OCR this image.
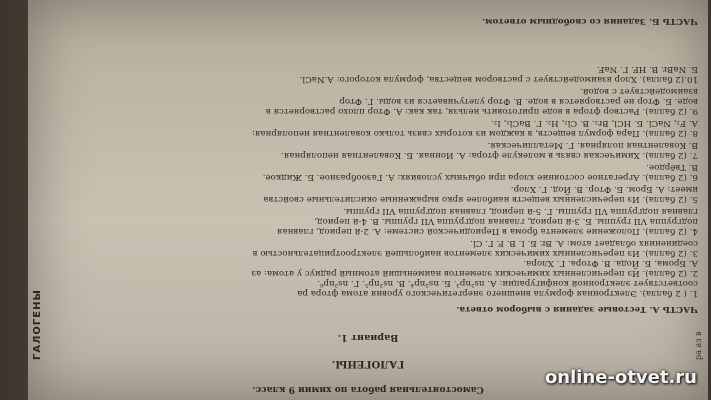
Самостоятельная работа по химии 9 класс.
ГАЛОГЕНЫ.
Вариант 1.
ЧАСТЬ А. Тестовые задания с выбором ответа.
1. ( 2 балла). Электронная формула внешнего энергетического уровня атома фтора ра
соответствует электронной конфигурации: А. ns²np³. Б. ns²np⁴. В. ns²np⁵. Г. ns²np⁶.
2. (2 балла). Из перечисленных химических элементов наименьший атомный радиус у атома: аз
А. Брома. Б. Йода. В. Фтора. Г. Хлора.
3. (2 балла). Из перечисленных химических элементов наибольшей электроотрицательностью в
соединениях обладает атом: А. Br. Б. I. В. F. Г. Cl.
4. (2 балла). Положение элемента брома в Периодической системе: А. 2-й период, главная
подгруппа VII группы. Б. 3-й период, главная подгруппа VII группы. В. 4-й период,
главная подгруппа VII группы. Г. 5-й период, главная подгруппа VII группы.
5. (2 балла). Из перечисленных веществ наиболее ярко выраженные окислительные свойства
имеет: А. Бром. Б. Фтор. В. Йод. Г. Хлор.
6. (2 балла). Агрегатное состояние хлора при обычных условиях: А. Газообразное. Б. Жидкое.
В. Твёрдое.
7. (2 балла). Химическая связь в молекуле фтора: А. Ионная. Б. Ковалентная неполярная.
В. Ковалентная полярная. Г. Металлическая.
8. (2 балла). Пара формул веществ, в каждом из которых связь только ковалентная неполярная:
А. F₂, NaCl. Б. HCl, Br₂. В. Cl₂, H₂. Г. BaCl₂, I₂.
9. (2 балла). Раствор фтора в воде приготовить нельзя, так как: А. Фтор плохо растворяется в
воде. Б. Фтор не растворяется в воде. В. Фтор улетучивается из воды. Г. Фтор
взаимодействует с водой.
10.(2 балла). Хлор взаимодействует с раствором вещества, формула которого: А.NaCl.
Б. NaBr. В. HF. Г. NaF.
ЧАСТЬ Б. Задания со свободным ответом.
ГАЛОГЕНЫ	ра аз в
online-otvet.ru
